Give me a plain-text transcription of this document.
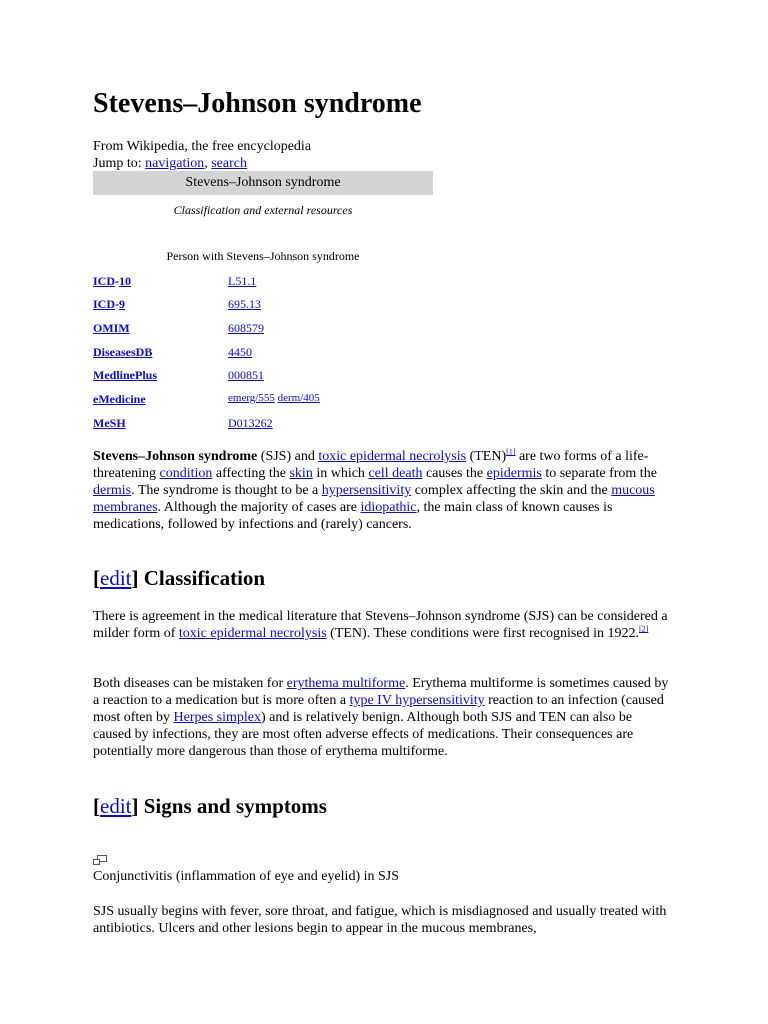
Stevens–Johnson syndrome
From Wikipedia, the free encyclopedia
Jump to: navigation, search
Stevens–Johnson syndrome
Classification and external resources
Person with Stevens–Johnson syndrome
ICD-10	L51.1
ICD-9	695.13
OMIM	608579
DiseasesDB	4450
MedlinePlus	000851
eMedicine	emerg/555 derm/405
MeSH	D013262

Stevens–Johnson syndrome (SJS) and toxic epidermal necrolysis (TEN)[1] are two forms of a life-threatening condition affecting the skin in which cell death causes the epidermis to separate from the dermis. The syndrome is thought to be a hypersensitivity complex affecting the skin and the mucous membranes. Although the majority of cases are idiopathic, the main class of known causes is medications, followed by infections and (rarely) cancers.

[edit] Classification

There is agreement in the medical literature that Stevens–Johnson syndrome (SJS) can be considered a milder form of toxic epidermal necrolysis (TEN). These conditions were first recognised in 1922.[2]

Both diseases can be mistaken for erythema multiforme. Erythema multiforme is sometimes caused by a reaction to a medication but is more often a type IV hypersensitivity reaction to an infection (caused most often by Herpes simplex) and is relatively benign. Although both SJS and TEN can also be caused by infections, they are most often adverse effects of medications. Their consequences are potentially more dangerous than those of erythema multiforme.

[edit] Signs and symptoms
Conjunctivitis (inflammation of eye and eyelid) in SJS

SJS usually begins with fever, sore throat, and fatigue, which is misdiagnosed and usually treated with antibiotics. Ulcers and other lesions begin to appear in the mucous membranes,
